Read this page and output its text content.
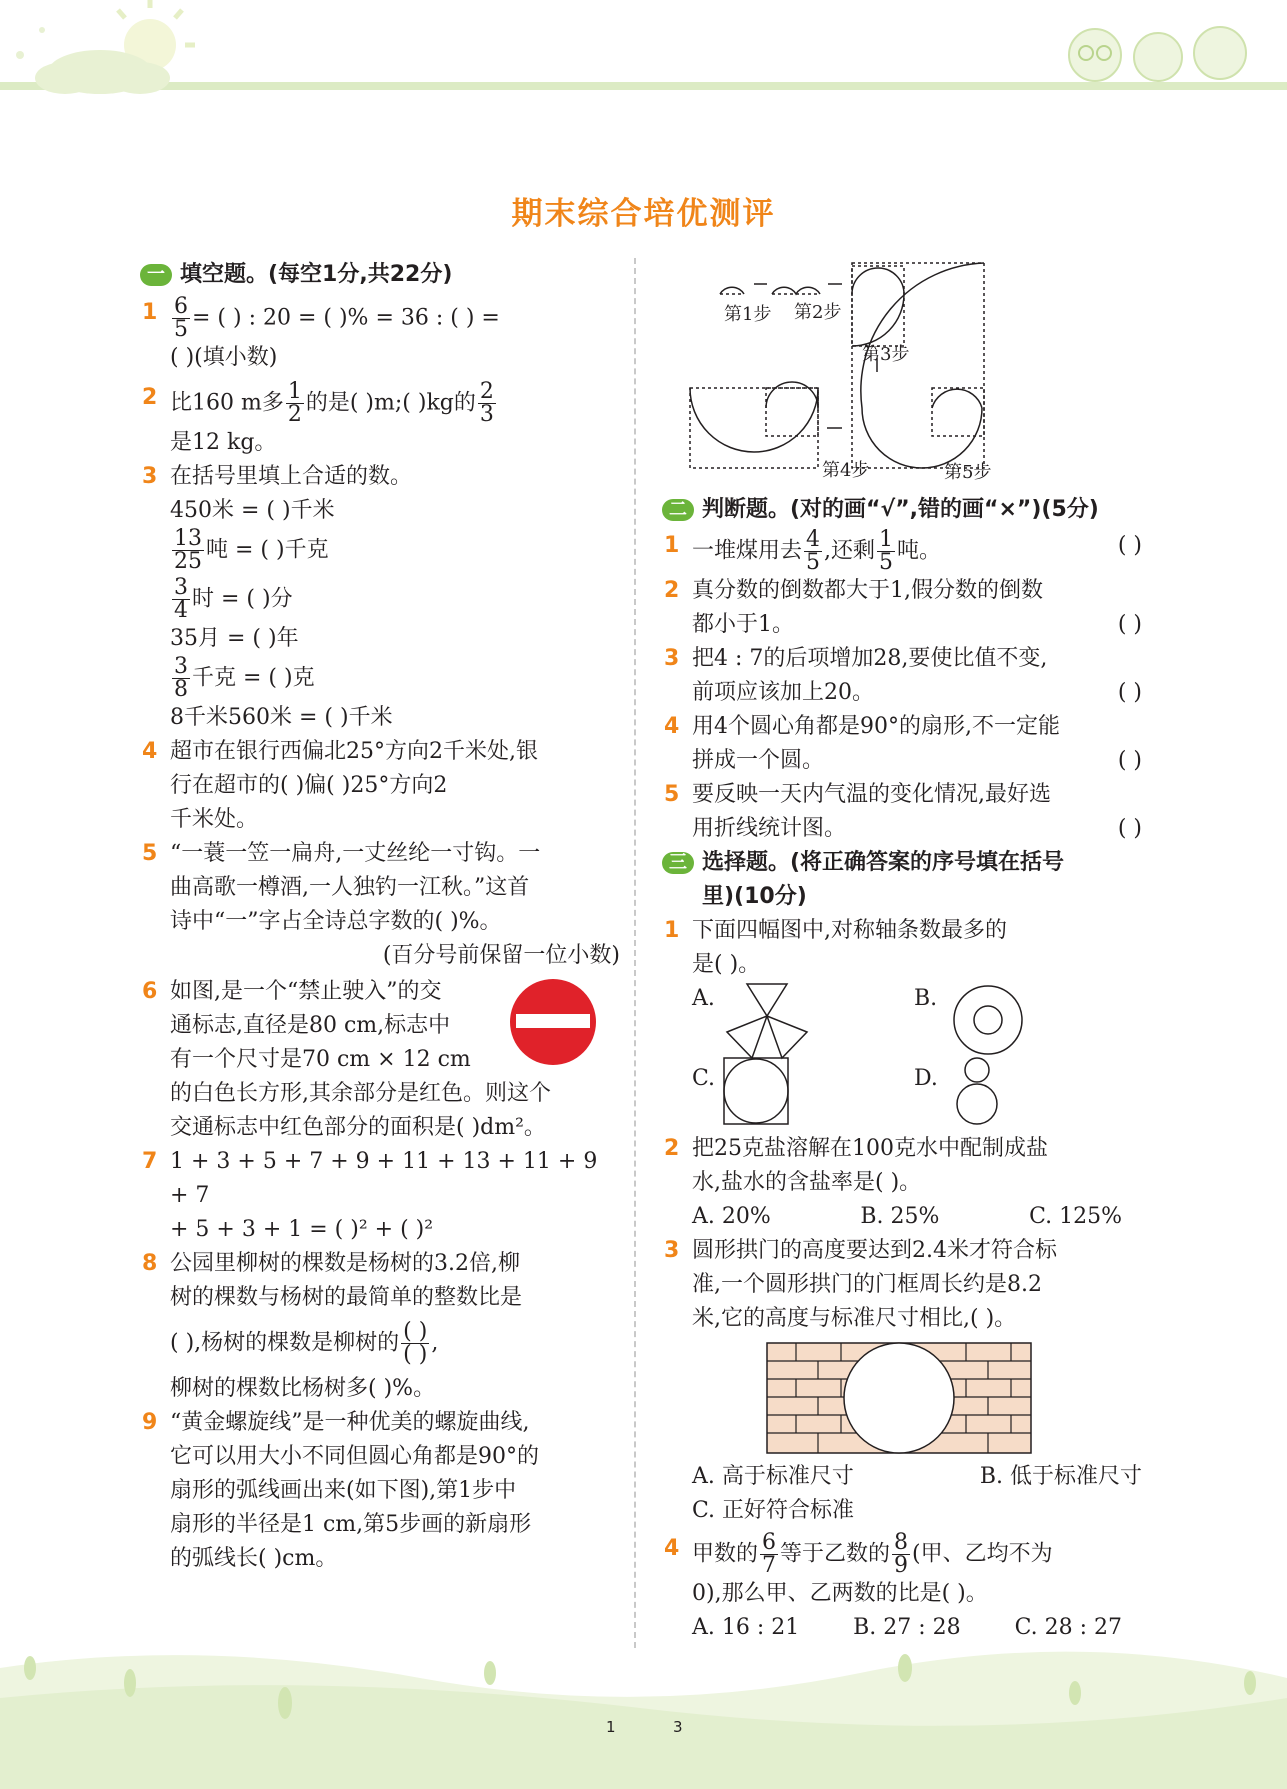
期末综合培优测评
一 填空题。(每空1分,共22分)
$1 \frac{6}{5}$ = ( ) : 20 = ( )% = 36 : ( ) =
( )(填小数)
2 比160 m多 $\frac{1}{2}$ 的是( )m;( )kg的 $\frac{2}{3}$
是12 kg。
3 在括号里填上合适的数。
450米 = ( )千米
$\frac{13}{25}$ 吨 = ( )千克
$\frac{3}{4}$ 时 = ( )分
35月 = ( )年
$\frac{3}{8}$ 千克 = ( )克
8千米560米 = ( )千米
4 超市在银行西偏北25°方向2千米处,银
行在超市的( )偏( )25°方向2
千米处。
5 “一蓑一笠一扁舟,一丈丝纶一寸钩。一
曲高歌一樽酒,一人独钓一江秋。”这首
诗中“一”字占全诗总字数的( )%。
(百分号前保留一位小数)
6 如图,是一个“禁止驶入”的交
通标志,直径是80 cm,标志中
有一个尺寸是70 cm × 12 cm
的白色长方形,其余部分是红色。则这个
交通标志中红色部分的面积是( )dm²。
7 1 + 3 + 5 + 7 + 9 + 11 + 13 + 11 + 9 + 7
+ 5 + 3 + 1 = ( )² + ( )²
8 公园里柳树的棵数是杨树的3.2倍,柳
树的棵数与杨树的最简单的整数比是
( ),杨树的棵数是柳树的 $\frac{( )}{( )}$ ,
柳树的棵数比杨树多( )%。
9 “黄金螺旋线”是一种优美的螺旋曲线,
它可以用大小不同但圆心角都是90°的
扇形的弧线画出来(如下图),第1步中
扇形的半径是1 cm,第5步画的新扇形
的弧线长( )cm。
第1步 第2步
第3步
第4步	第5步
二 判断题。(对的画“√”,错的画“×”)(5分)
1 一堆煤用去 $\frac{4}{5}$ ,还剩 $\frac{1}{5}$ 吨。	( )
2 真分数的倒数都大于1,假分数的倒数
都小于1。	( )
3 把4 : 7的后项增加28,要使比值不变,
前项应该加上20。	( )
4 用4个圆心角都是90°的扇形,不一定能
拼成一个圆。	( )
5 要反映一天内气温的变化情况,最好选
用折线统计图。	( )
三 选择题。(将正确答案的序号填在括号
里)(10分)
1 下面四幅图中,对称轴条数最多的
是( )。
A.	B.
C.	D.
2 把25克盐溶解在100克水中配制成盐
水,盐水的含盐率是( )。
A. 20%	B. 25%	C. 125%
3 圆形拱门的高度要达到2.4米才符合标
准,一个圆形拱门的门框周长约是8.2
米,它的高度与标准尺寸相比,( )。
A. 高于标准尺寸	B. 低于标准尺寸
C. 正好符合标准
4 甲数的 $\frac{6}{7}$ 等于乙数的 $\frac{8}{9}$ (甲、乙均不为
0),那么甲、乙两数的比是( )。
A. 16 : 21 B. 27 : 28 C. 28 : 27
1	3
